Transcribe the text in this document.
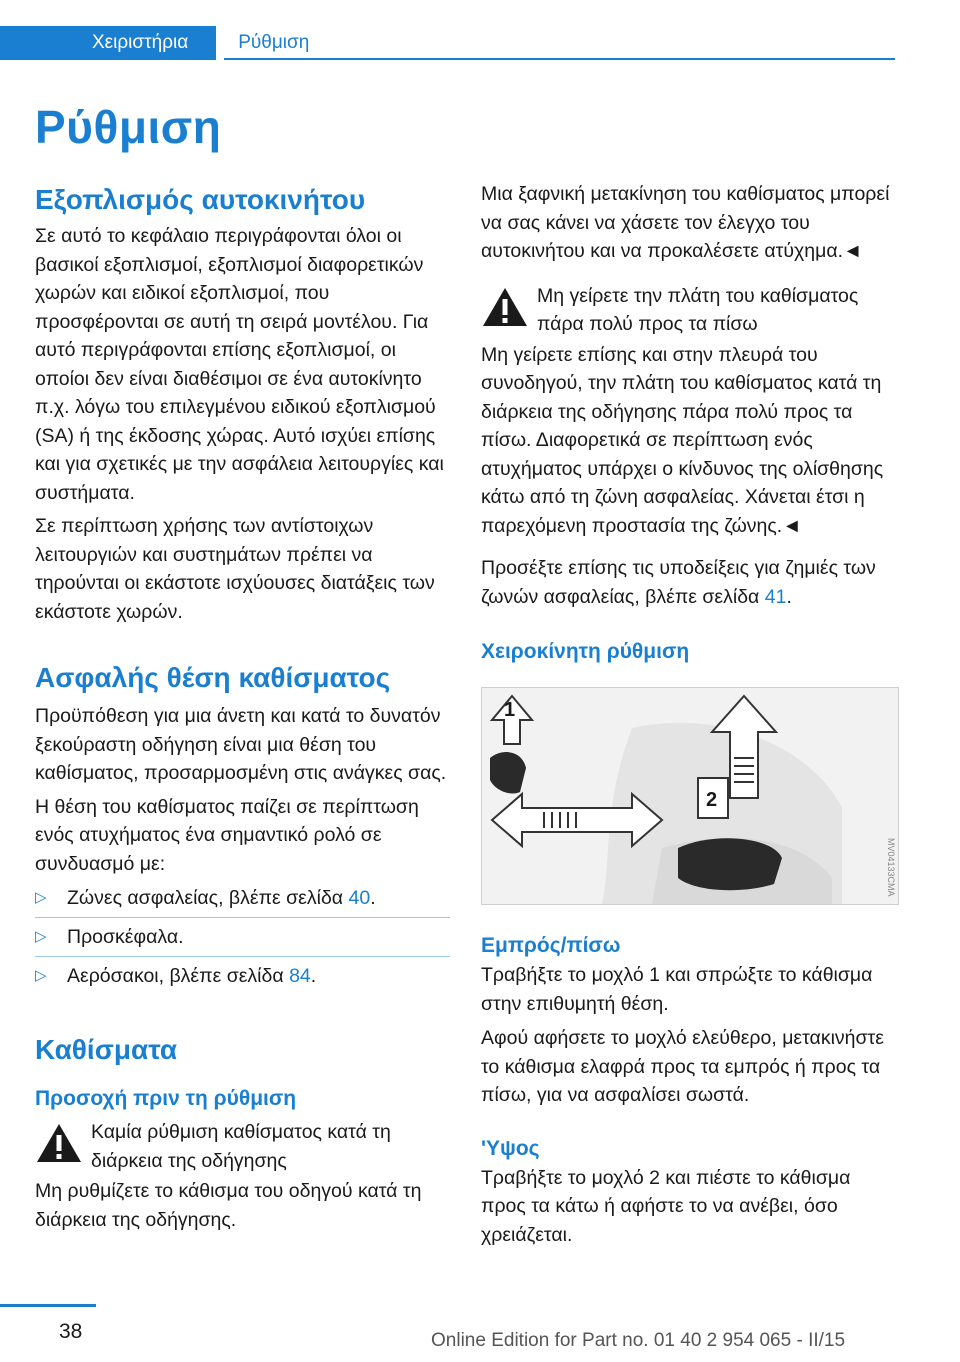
Χειριστήρια	Ρύθμιση
Ρύθμιση
Εξοπλισμός αυτοκινήτου

Σε αυτό το κεφάλαιο περιγράφονται όλοι οι βασικοί εξοπλισμοί, εξοπλισμοί διαφορετικών χωρών και ειδικοί εξοπλισμοί, που προσφέρονται σε αυτή τη σειρά μοντέλου. Για αυτό περιγράφονται επίσης εξοπλισμοί, οι οποίοι δεν είναι διαθέσιμοι σε ένα αυτοκίνητο π.χ. λόγω του επιλεγμένου ειδικού εξοπλισμού (SA) ή της έκδοσης χώρας. Αυτό ισχύει επίσης και για σχετικές με την ασφάλεια λειτουργίες και συστήματα.

Σε περίπτωση χρήσης των αντίστοιχων λειτουργιών και συστημάτων πρέπει να τηρούνται οι εκάστοτε ισχύουσες διατάξεις των εκάστοτε χωρών.

Ασφαλής θέση καθίσματος

Προϋπόθεση για μια άνετη και κατά το δυνατόν ξεκούραστη οδήγηση είναι μια θέση του καθίσματος, προσαρμοσμένη στις ανάγκες σας.

Η θέση του καθίσματος παίζει σε περίπτωση ενός ατυχήματος ένα σημαντικό ρολό σε συνδυασμό με:

▷ Ζώνες ασφαλείας, βλέπε σελίδα 40.
▷ Προσκέφαλα.
▷ Αερόσακοι, βλέπε σελίδα 84.
Καθίσματα
Προσοχή πριν τη ρύθμιση
Καμία ρύθμιση καθίσματος κατά τη διάρκεια της οδήγησης

Μη ρυθμίζετε το κάθισμα του οδηγού κατά τη διάρκεια της οδήγησης.

Μια ξαφνική μετακίνηση του καθίσματος μπορεί να σας κάνει να χάσετε τον έλεγχο του αυτοκινήτου και να προκαλέσετε ατύχημα.◄

Μη γείρετε την πλάτη του καθίσματος πάρα πολύ προς τα πίσω

Μη γείρετε επίσης και στην πλευρά του συνοδηγού, την πλάτη του καθίσματος κατά τη διάρκεια της οδήγησης πάρα πολύ προς τα πίσω. Διαφορετικά σε περίπτωση ενός ατυχήματος υπάρχει ο κίνδυνος της ολίσθησης κάτω από τη ζώνη ασφαλείας. Χάνεται έτσι η παρεχόμενη προστασία της ζώνης.◄

Προσέξτε επίσης τις υποδείξεις για ζημιές των ζωνών ασφαλείας, βλέπε σελίδα 41.

Χειροκίνητη ρύθμιση
1
2
MV04133CMA
Εμπρός/πίσω

Τραβήξτε το μοχλό 1 και σπρώξτε το κάθισμα στην επιθυμητή θέση.

Αφού αφήσετε το μοχλό ελεύθερο, μετακινήστε το κάθισμα ελαφρά προς τα εμπρός ή προς τα πίσω, για να ασφαλίσει σωστά.

'Υψος

Τραβήξτε το μοχλό 2 και πιέστε το κάθισμα προς τα κάτω ή αφήστε το να ανέβει, όσο χρειάζεται.

38	Online Edition for Part no. 01 40 2 954 065 - II/15
